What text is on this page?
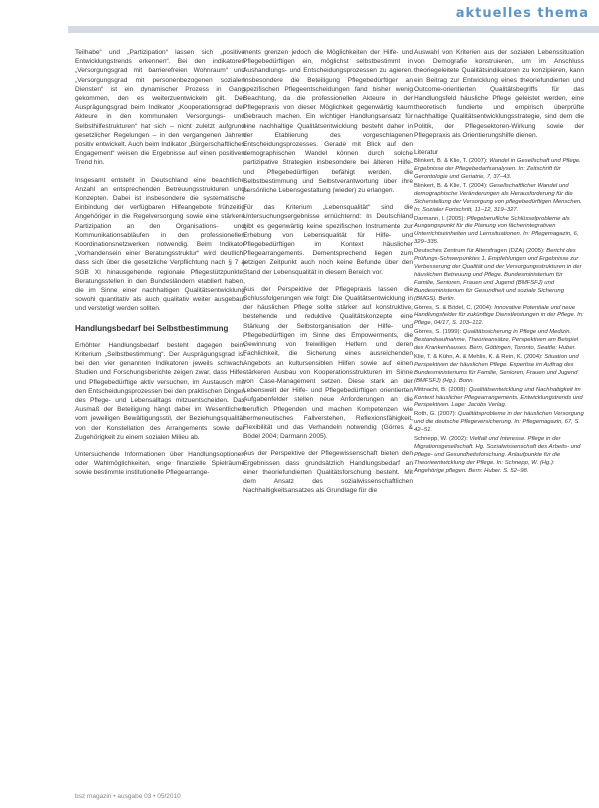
aktuelles thema

Teilhabe“ und „Partizipation“ lassen sich „positive Entwicklungstrends erkennen“. Bei den indikatoren „Versorgungsgrad mit barrierefreien Wohnraum“ und „Versorgungsgrad mit personenbezogenen sozialen Diensten“ ist ein dynamischer Prozess in Gang gekommen, den es weiterzuentwickeln gilt. Der Ausprägungsgrad beim Indikator „Kooperationsgrad der Akteure in den kommunalen Versorgungs- und Selbsthilfestrukturen“ hat sich – nicht zuletzt aufgrund gesetzlicher Regelungen – in den vergangenen Jahren positiv entwickelt. Auch beim Indikator „Bürgerschaftliches Engagement“ weisen die Ergebnisse auf einen positiven Trend hin.

Insgesamt entsteht in Deutschland eine beachtliche Anzahl an entsprechenden Betreuungsstrukturen und Konzepten. Dabei ist insbesondere die systematische Einbindung der verfügbaren Hilfeangebote frühzeitig Angehöriger in die Regelversorgung sowie eine stärkere Partizipation an den Organisations- und Kommunikationsabläufen in den professionellen Koordinationsnetzwerken notwendig. Beim Indikator „Vorhandensein einer Beratungsstruktur“ wird deutlich, dass sich über die gesetzliche Verpflichtung nach § 7 a SGB XI hinausgehende regionale Pflegestützpunkte, Beratungsstellen in den Bundesländern etabliert haben, die im Sinne einer nachhaltigen Qualitätsentwicklung sowohl quantitativ als auch qualitativ weiter ausgebaut und verstetigt werden sollten.

Handlungsbedarf bei Selbstbestimmung

Erhöhter Handlungsbedarf besteht dagegen beim Kriterium „Selbstbestimmung“. Der Ausprägungsgrad ist bei den vier genannten Indikatoren jeweils schwach. Studien und Forschungsberichte zeigen zwar, dass Hilfe- und Pflegebedürftige aktiv versuchen, im Austausch mit den Entscheidungsprozessen bei den praktischen Dingen des Pflege- und Lebensalltags mitzuentscheiden. Das Ausmaß der Beteiligung hängt dabei im Wesentlichen vom jeweiligen Bewältigungsstil, der Beziehungsqualität von der Konstellation des Arrangements sowie der Zugehörigkeit zu einem sozialen Milieu ab.

Untersuchende Informationen über Handlungsoptionen oder Wahlmöglichkeiten, enge finanzielle Spielräume sowie bestimmte institutionelle Pflegearrange-

ments grenzen jedoch die Möglichkeiten der Hilfe- und Pflegebedürftigen ein, möglichst selbstbestimmt in Aushandlungs- und Entscheidungsprozessen zu agieren. Insbesondere die Beteiligung Pflegebedürftiger an spezifischen Pflegeentscheidungen fand bisher wenig Beachtung, da die professionellen Akteure in der Pflegepraxis von dieser Möglichkeit gegenwärtig kaum Gebrauch machen. Ein wichtiger Handlungsansatz für eine nachhaltige Qualitätsentwicklung besteht daher in der Etablierung des vorgeschlagenen Entscheidungsprozesses. Gerade mit Blick auf den demographischen Wandel können durch solche partizipative Strategien insbesondere bei älteren Hilfe- und Pflegebedürftigen befähigt werden, die Selbstbestimmung und Selbstverantwortung über ihre persönliche Lebensgestaltung (wieder) zu erlangen.

Für das Kriterium „Lebensqualität“ sind die Untersuchungsergebnisse ernüchternd: In Deutschland gibt es gegenwärtig keine spezifischen Instrumente zur Erhebung von Lebensqualität für Hilfe- und Pflegebedürftigen im Kontext häuslicher Pflegearrangements. Dementsprechend liegen zum jetzigen Zeitpunkt auch noch keine Befunde über den Stand der Lebensqualität in diesem Bereich vor.

Aus der Perspektive der Pflegepraxis lassen die Schlussfolgerungen wie folgt: Die Qualitätsentwicklung in der häuslichen Pflege sollte stärker auf konstruktive, bestehende und reduktive Qualitätskonzepte eine Stärkung der Selbstorganisation der Hilfe- und Pflegebedürftigen im Sinne des Empowerments, die Gewinnung von freiwilligen Helfern und deren Fachlichkeit, die Sicherung eines ausreichenden Angebots an kultursensiblen Hilfen sowie auf einen stärkeren Ausbau von Kooperationsstrukturen im Sinne von Case-Management setzen. Diese stark an der Lebenswelt der Hilfe- und Pflegebedürftigen orientierten Aufgabenfelder stellen neue Anforderungen an die beruflich Pflegenden und machen Kompetenzen wie hermeneutisches Fallverstehen, Reflexionsfähigkeit, Flexibilität und das Verhandeln notwendig (Görres & Bödel 2004; Darmann 2005).

Aus der Perspektive der Pflegewissenschaft bieten den Ergebnissen dass grundsätzlich Handlungsbedarf an einer theoriefundierten Qualitätsforschung besteht. Mit dem Ansatz des sozialwissenschaftlichen Nachhaltigkeitsansatzes als Grundlage für die

Auswahl von Kriterien aus der sozialen Lebenssituation von Demografie konstruieren, um im Anschluss theoriegeleitete Qualitätsindikatoren zu konzipieren, kann ein Beitrag zur Entwicklung eines theoriefundierten und Outcome-orientierten Qualitätsbegriffs für das Handlungsfeld häusliche Pflege geleistet werden, eine theoretisch fundierte und empirisch überprüfte nachhaltige Qualitätsentwicklungsstrategie, sind dem die Politik, der Pflegesektoren-Wirkung sowie der Pflegepraxis als Orientierungshilfe dienen.

Literatur
Blinkert, B. & Klie, T. (2007): Wandel in Gesellschaft und Pflege. Ergebnisse der Pflegebedarfsanalysen. In: Zeitschrift für Gerontologie und Geriatrie, 7, 37–43.
Blinkert, B. & Klie, T. (2004): Gesellschaftlicher Wandel und demographische Veränderungen als Herausforderung für die Sicherstellung der Versorgung von pflegebedürftigen Menschen. In: Sozialer Fortschritt, 11–12, 319–327.
Darmann, I. (2005): Pflegeberufliche Schlüsselprobleme als Ausgangspunkt für die Planung von fächerintegrativen Unterrichtseinheiten und Lernsituationen. In: Pflegemagazin, 6, 329–335.
Deutsches Zentrum für Altersfragen (DZA) (2005): Bericht des Prüfungs-Schwerpunktes 1. Empfehlungen und Ergebnisse zur Verbesserung der Qualität und der Versorgungsstrukturen in der häuslichen Betreuung und Pflege. Bundesministerium für Familie, Senioren, Frauen und Jugend (BMFSFJ) und Bundesministerium für Gesundheit und soziale Sicherung (BMGS). Berlin.
Görres, S. & Bödel, C. (2004): Innovative Potentiale und neue Handlungsfelder für zukünftige Dienstleistungen in der Pflege. In: Pflege, 04/17, S. 103–112.
Görres, S. (1999): Qualitätssicherung in Pflege und Medizin. Bestandsaufnahme, Theorieansätze, Perspektiven am Beispiel des Krankenhauses. Bern, Göttingen, Toronto, Seattle: Huber.
Klie, T. & Kühn, A. & Mehlis, K. & Rein, K. (2004): Situation und Perspektiven der häuslichen Pflege. Expertise im Auftrag des Bundesministeriums für Familie, Senioren, Frauen und Jugend (BMFSFJ) (Hg.). Bonn.
Mittnacht, B. (2008): Qualitätsentwicklung und Nachhaltigkeit im Kontext häuslicher Pflegearrangements. Entwicklungstrends und Perspektiven. Lage: Jacobs Verlag.
Roth, G. (2007): Qualitätsprobleme in der häuslichen Versorgung und die deutsche Pflegeversicherung. In: Pflegemagazin, 67, S. 42–51.
Schnepp, W. (2002): Vielfalt und Interesse. Pflege in der Migrationsgesellschaft. Hg. Sozialwissenschaft des Arbeits- und Pflege- und Gesundheitsforschung. Anlaufpunkte für die Theorieentwicklung der Pflege. In: Schnepp, W. (Hg.): Angehörige pflegen. Bern: Huber. S. 52–98.
bsz magazin • ausgabe 03 • 05/2010
